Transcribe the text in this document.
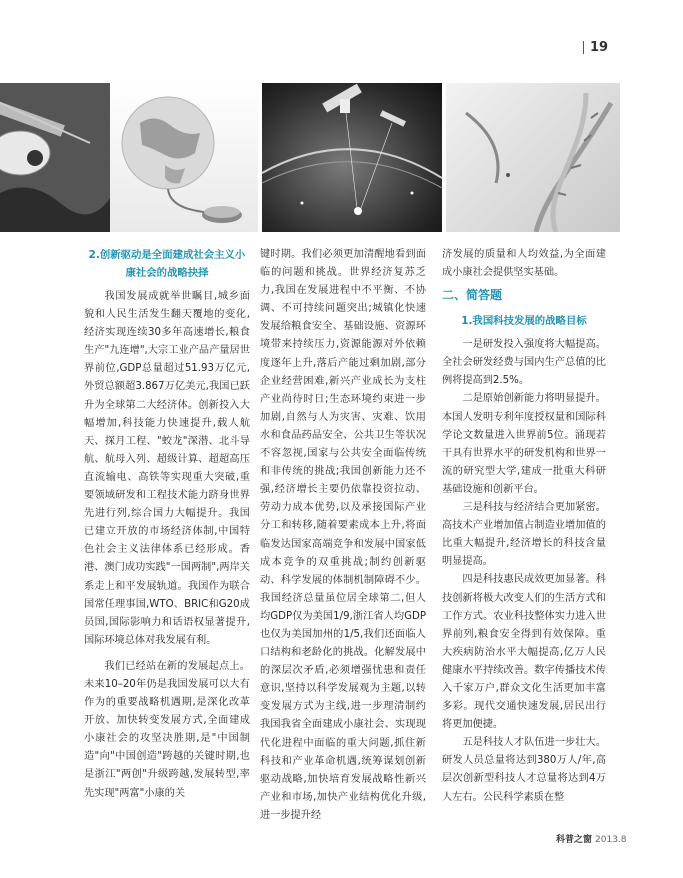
19
2.创新驱动是全面建成社会主义小康社会的战略抉择

我国发展成就举世瞩目,城乡面貌和人民生活发生翻天覆地的变化,经济实现连续30多年高速增长,粮食生产"九连增",大宗工业产品产量居世界前位,GDP总量超过51.93万亿元,外贸总额超3.867万亿美元,我国已跃升为全球第二大经济体。创新投入大幅增加,科技能力快速提升,载人航天、探月工程、"蛟龙"深潜、北斗导航、航母入列、超级计算、超超高压直流输电、高铁等实现重大突破,重要领域研发和工程技术能力跻身世界先进行列,综合国力大幅提升。我国已建立开放的市场经济体制,中国特色社会主义法律体系已经形成。香港、澳门成功实践"一国两制",两岸关系走上和平发展轨道。我国作为联合国常任理事国,WTO、BRIC和G20成员国,国际影响力和话语权显著提升,国际环境总体对我发展有利。

我们已经站在新的发展起点上。未来10–20年仍是我国发展可以大有作为的重要战略机遇期,是深化改革开放、加快转变发展方式,全面建成小康社会的攻坚决胜期,是"中国制造"向"中国创造"跨越的关键时期,也是浙江"两创"升级跨越,发展转型,率先实现"两富"小康的关

键时期。我们必须更加清醒地看到面临的问题和挑战。世界经济复苏乏力,我国在发展进程中不平衡、不协调、不可持续问题突出;城镇化快速发展给粮食安全、基础设施、资源环境带来持续压力,资源能源对外依赖度逐年上升,落后产能过剩加剧,部分企业经营困难,新兴产业成长为支柱产业尚待时日;生态环境约束进一步加剧,自然与人为灾害、灾难、饮用水和食品药品安全、公共卫生等状况不容忽视,国家与公共安全面临传统和非传统的挑战;我国创新能力还不强,经济增长主要仍依靠投资拉动、劳动力成本优势,以及承接国际产业分工和转移,随着要素成本上升,将面临发达国家高端竞争和发展中国家低成本竞争的双重挑战;制约创新驱动、科学发展的体制机制障碍不少。我国经济总量虽位居全球第二,但人均GDP仅为美国1/9,浙江省人均GDP也仅为美国加州的1/5,我们还面临人口结构和老龄化的挑战。化解发展中的深层次矛盾,必须增强忧患和责任意识,坚持以科学发展观为主题,以转变发展方式为主线,进一步理清制约我国我省全面建成小康社会、实现现代化进程中面临的重大问题,抓住新科技和产业革命机遇,统筹谋划创新驱动战略,加快培育发展战略性新兴产业和市场,加快产业结构优化升级,进一步提升经

济发展的质量和人均效益,为全面建成小康社会提供坚实基础。

二、简答题
1.我国科技发展的战略目标

一是研发投入强度将大幅提高。全社会研发经费与国内生产总值的比例将提高到2.5%。

二是原始创新能力将明显提升。本国人发明专利年度授权量和国际科学论文数量进入世界前5位。涌现若干具有世界水平的研发机构和世界一流的研究型大学,建成一批重大科研基础设施和创新平台。

三是科技与经济结合更加紧密。高技术产业增加值占制造业增加值的比重大幅提升,经济增长的科技含量明显提高。

四是科技惠民成效更加显著。科技创新将极大改变人们的生活方式和工作方式。农业科技整体实力进入世界前列,粮食安全得到有效保障。重大疾病防治水平大幅提高,亿万人民健康水平持续改善。数字传播技术传入千家万户,群众文化生活更加丰富多彩。现代交通快速发展,居民出行将更加便捷。

五是科技人才队伍进一步壮大。研发人员总量将达到380万人/年,高层次创新型科技人才总量将达到4万人左右。公民科学素质在整

科普之窗 2013.8
